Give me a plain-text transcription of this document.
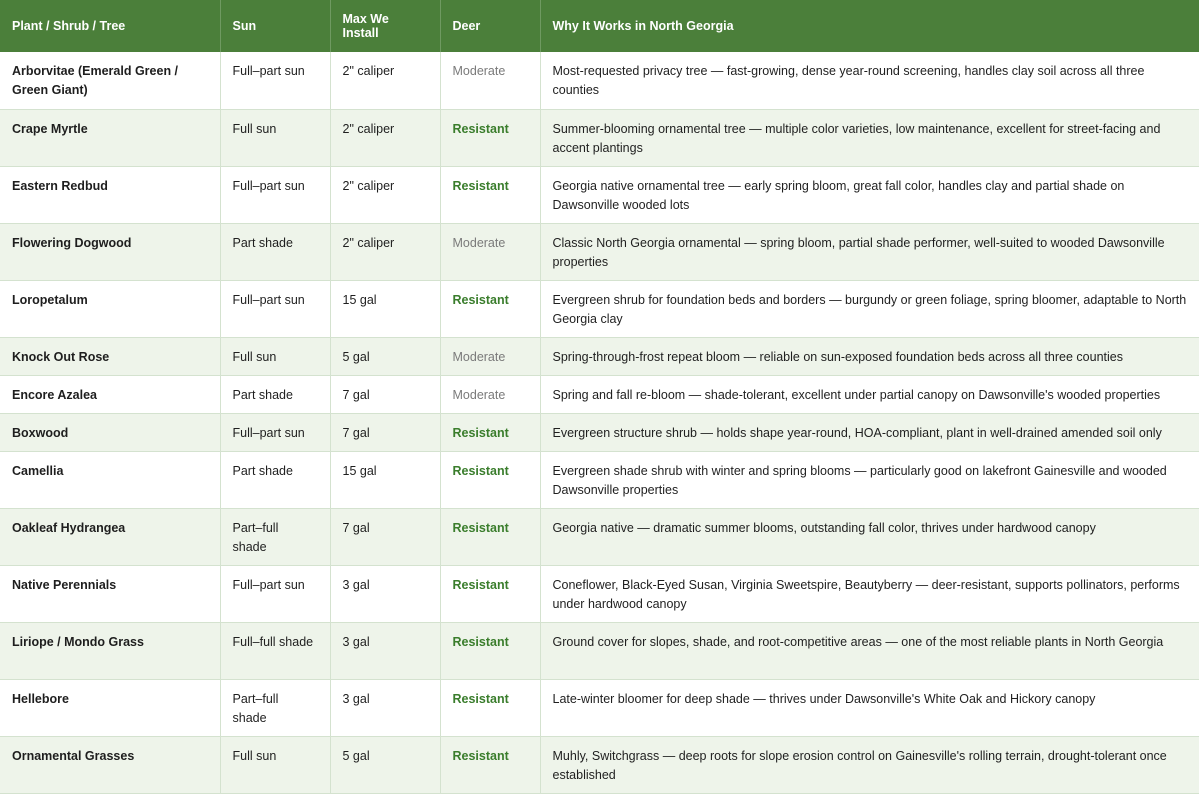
Plant / Shrub / Tree	Sun	Max We Install	Deer	Why It Works in North Georgia
Arborvitae (Emerald Green / Green Giant)	Full–part sun	2" caliper	Moderate	Most-requested privacy tree — fast-growing, dense year-round screening, handles clay soil across all three counties
Crape Myrtle	Full sun	2" caliper	Resistant	Summer-blooming ornamental tree — multiple color varieties, low maintenance, excellent for street-facing and accent plantings
Eastern Redbud	Full–part sun	2" caliper	Resistant	Georgia native ornamental tree — early spring bloom, great fall color, handles clay and partial shade on Dawsonville wooded lots
Flowering Dogwood	Part shade	2" caliper	Moderate	Classic North Georgia ornamental — spring bloom, partial shade performer, well-suited to wooded Dawsonville properties
Loropetalum	Full–part sun	15 gal	Resistant	Evergreen shrub for foundation beds and borders — burgundy or green foliage, spring bloomer, adaptable to North Georgia clay
Knock Out Rose	Full sun	5 gal	Moderate	Spring-through-frost repeat bloom — reliable on sun-exposed foundation beds across all three counties
Encore Azalea	Part shade	7 gal	Moderate	Spring and fall re-bloom — shade-tolerant, excellent under partial canopy on Dawsonville's wooded properties
Boxwood	Full–part sun	7 gal	Resistant	Evergreen structure shrub — holds shape year-round, HOA-compliant, plant in well-drained amended soil only
Camellia	Part shade	15 gal	Resistant	Evergreen shade shrub with winter and spring blooms — particularly good on lakefront Gainesville and wooded Dawsonville properties
Oakleaf Hydrangea	Part–full shade	7 gal	Resistant	Georgia native — dramatic summer blooms, outstanding fall color, thrives under hardwood canopy
Native Perennials	Full–part sun	3 gal	Resistant	Coneflower, Black-Eyed Susan, Virginia Sweetspire, Beautyberry — deer-resistant, supports pollinators, performs under hardwood canopy
Liriope / Mondo Grass	Full–full shade	3 gal	Resistant	Ground cover for slopes, shade, and root-competitive areas — one of the most reliable plants in North Georgia
Hellebore	Part–full shade	3 gal	Resistant	Late-winter bloomer for deep shade — thrives under Dawsonville's White Oak and Hickory canopy
Ornamental Grasses	Full sun	5 gal	Resistant	Muhly, Switchgrass — deep roots for slope erosion control on Gainesville's rolling terrain, drought-tolerant once established
